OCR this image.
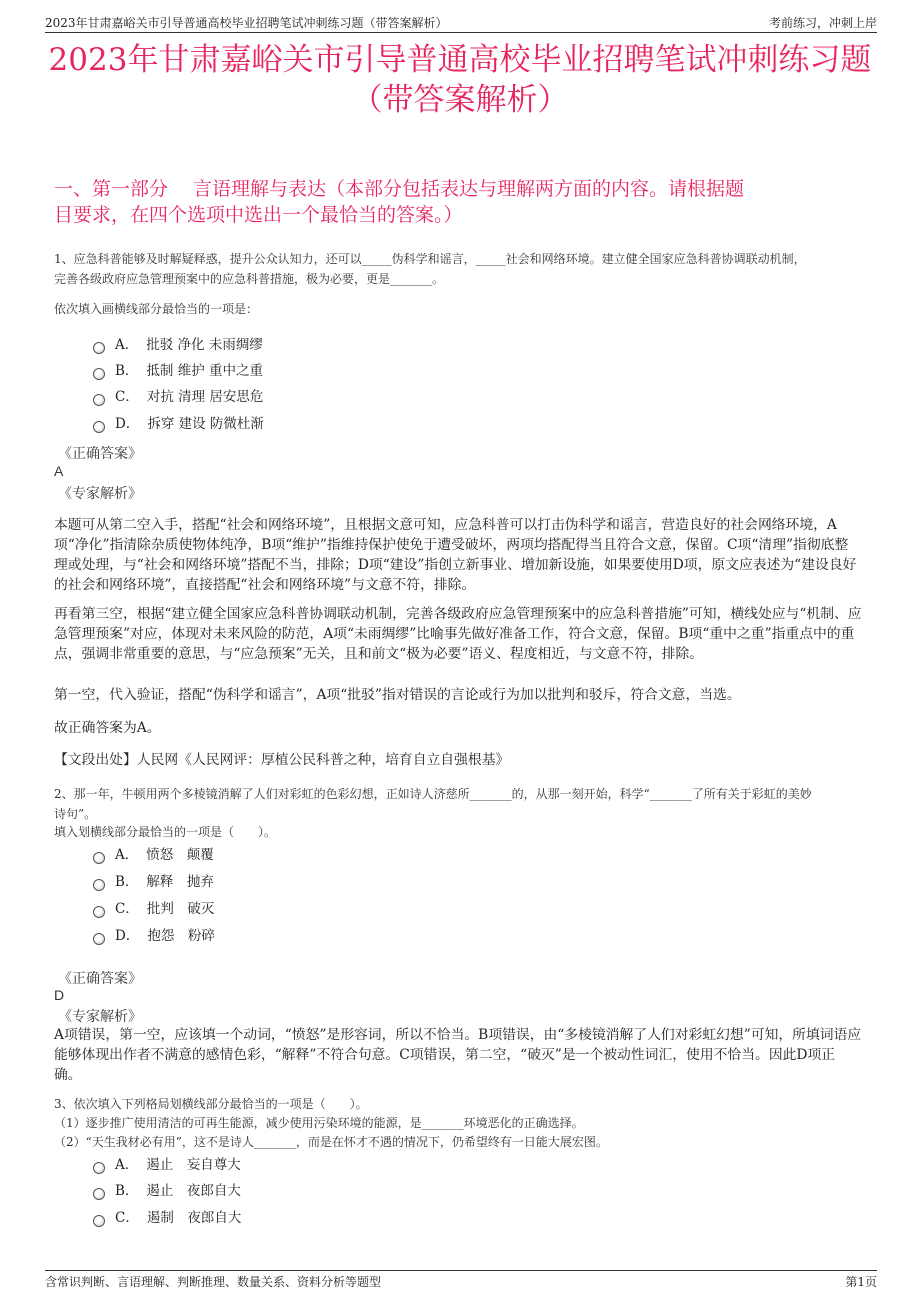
2023年甘肃嘉峪关市引导普通高校毕业招聘笔试冲刺练习题（带答案解析）	考前练习，冲刺上岸
2023年甘肃嘉峪关市引导普通高校毕业招聘笔试冲刺练习题
（带答案解析）
一、第一部分　 言语理解与表达（本部分包括表达与理解两方面的内容。请根据题
目要求，在四个选项中选出一个最恰当的答案。）
1、应急科普能够及时解疑释惑，提升公众认知力，还可以_____伪科学和谣言，_____社会和网络环境。建立健全国家应急科普协调联动机制，
完善各级政府应急管理预案中的应急科普措施，极为必要，更是_______。
依次填入画横线部分最恰当的一项是：
A． 批驳 净化 未雨绸缪
B． 抵制 维护 重中之重
C． 对抗 清理 居安思危
D． 拆穿 建设 防微杜渐
《正确答案》
A
《专家解析》
本题可从第二空入手，搭配“社会和网络环境”，且根据文意可知，应急科普可以打击伪科学和谣言，营造良好的社会网络环境，A项“净化”指清除杂质使物体纯净，B项“维护”指维持保护使免于遭受破坏，两项均搭配得当且符合文意，保留。C项“清理”指彻底整理或处理，与“社会和网络环境”搭配不当，排除；D项“建设”指创立新事业、增加新设施，如果要使用D项，原文应表述为“建设良好的社会和网络环境”，直接搭配“社会和网络环境”与文意不符，排除。
再看第三空，根据“建立健全国家应急科普协调联动机制，完善各级政府应急管理预案中的应急科普措施”可知，横线处应与“机制、应急管理预案”对应，体现对未来风险的防范，A项“未雨绸缪”比喻事先做好准备工作，符合文意，保留。B项“重中之重”指重点中的重点，强调非常重要的意思，与“应急预案”无关，且和前文“极为必要”语义、程度相近，与文意不符，排除。
第一空，代入验证，搭配“伪科学和谣言”，A项“批驳”指对错误的言论或行为加以批判和驳斥，符合文意，当选。
故正确答案为A。
【文段出处】人民网《人民网评：厚植公民科普之种，培育自立自强根基》
2、那一年，牛顿用两个多棱镜消解了人们对彩虹的色彩幻想，正如诗人济慈所_______的，从那一刻开始，科学“_______了所有关于彩虹的美妙
诗句”。
填入划横线部分最恰当的一项是（　　）。
A． 愤怒　颠覆
B． 解释　抛弃
C． 批判　破灭
D． 抱怨　粉碎
《正确答案》
D
《专家解析》
A项错误，第一空，应该填一个动词，“愤怒”是形容词，所以不恰当。B项错误，由“多棱镜消解了人们对彩虹幻想”可知，所填词语应能够体现出作者不满意的感情色彩，“解释”不符合句意。C项错误，第二空，“破灭”是一个被动性词汇，使用不恰当。因此D项正确。
3、依次填入下列格局划横线部分最恰当的一项是（　　）。
（1）逐步推广使用清洁的可再生能源，减少使用污染环境的能源，是_______环境恶化的正确选择。
（2）“天生我材必有用”，这不是诗人_______，而是在怀才不遇的情况下，仍希望终有一日能大展宏图。
A． 遏止　妄自尊大
B． 遏止　夜郎自大
C． 遏制　夜郎自大
含常识判断、言语理解、判断推理、数量关系、资料分析等题型	第1页
